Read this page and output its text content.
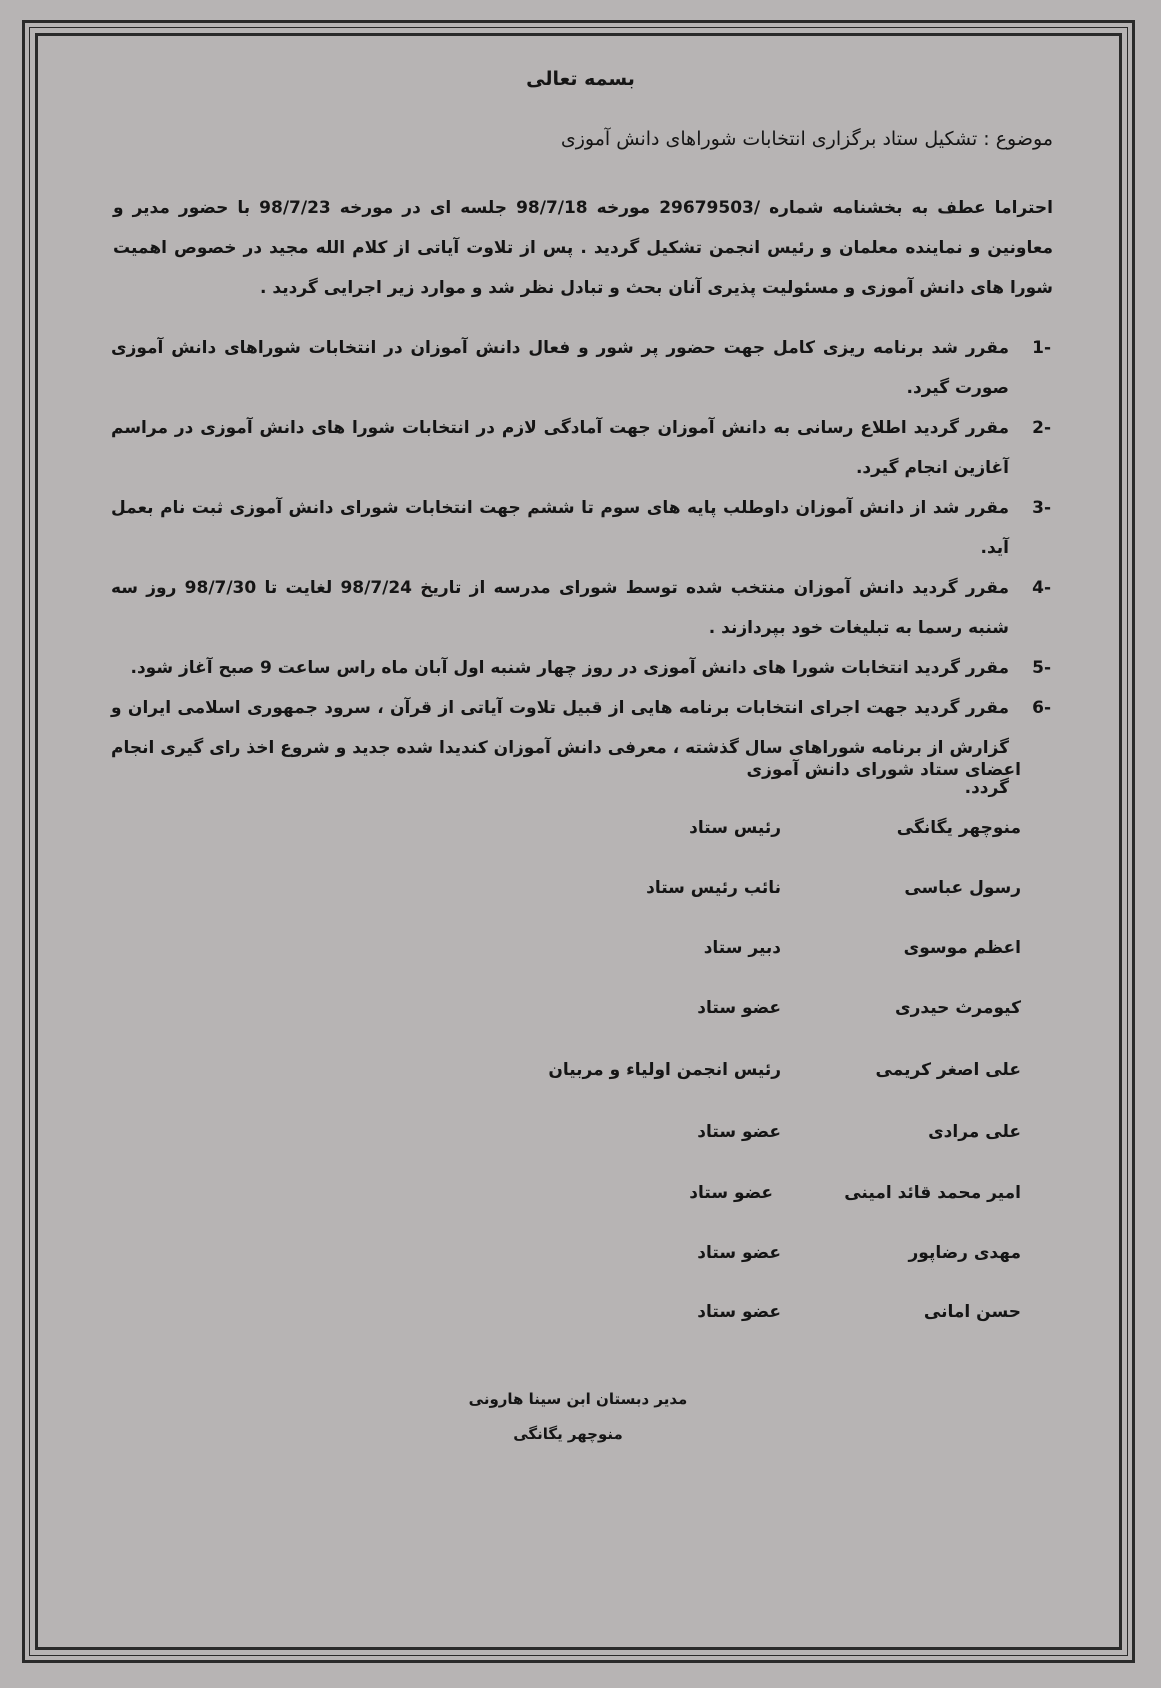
بسمه تعالی
موضوع : تشکیل ستاد برگزاری انتخابات شوراهای دانش آموزی
احتراما عطف به بخشنامه شماره /29679503 مورخه 98/7/18 جلسه ای در مورخه 98/7/23 با حضور مدیر و معاونین و نماینده معلمان و رئیس انجمن تشکیل گردید . پس از تلاوت آیاتی از کلام الله مجید در خصوص اهمیت شورا های دانش آموزی و مسئولیت پذیری آنان بحث و تبادل نظر شد و موارد زیر اجرایی گردید .
-1
مقرر شد برنامه ریزی کامل جهت حضور پر شور و فعال دانش آموزان در انتخابات شوراهای دانش آموزی صورت گیرد.
-2
مقرر گردید اطلاع رسانی به دانش آموزان جهت آمادگی لازم در انتخابات شورا های دانش آموزی در مراسم آغازین انجام گیرد.
-3
مقرر شد از دانش آموزان داوطلب پایه های سوم تا ششم جهت انتخابات شورای دانش آموزی ثبت نام بعمل آید.
-4
مقرر گردید دانش آموزان منتخب شده توسط شورای مدرسه از تاریخ 98/7/24 لغایت تا 98/7/30 روز سه شنبه رسما به تبلیغات خود بپردازند .
-5
مقرر گردید انتخابات شورا های دانش آموزی در روز چهار شنبه اول آبان ماه راس ساعت 9 صبح آغاز شود.
-6
مقرر گردید جهت اجرای انتخابات برنامه هایی از قبیل تلاوت آیاتی از قرآن ، سرود جمهوری اسلامی ایران و گزارش از برنامه شوراهای سال گذشته ، معرفی دانش آموزان کندیدا شده جدید و شروع اخذ رای گیری انجام گردد.
اعضای ستاد شورای دانش آموزی
منوچهر یگانگی
رئیس ستاد
رسول عباسی
نائب رئیس ستاد
اعظم موسوی
دبیر ستاد
کیومرث حیدری
عضو ستاد
علی اصغر کریمی
رئیس انجمن اولیاء و مربیان
علی مرادی
عضو ستاد
امیر محمد قائد امینی
عضو ستاد
مهدی رضاپور
عضو ستاد
حسن امانی
عضو ستاد
مدیر دبستان ابن سینا هارونی
منوچهر یگانگی
